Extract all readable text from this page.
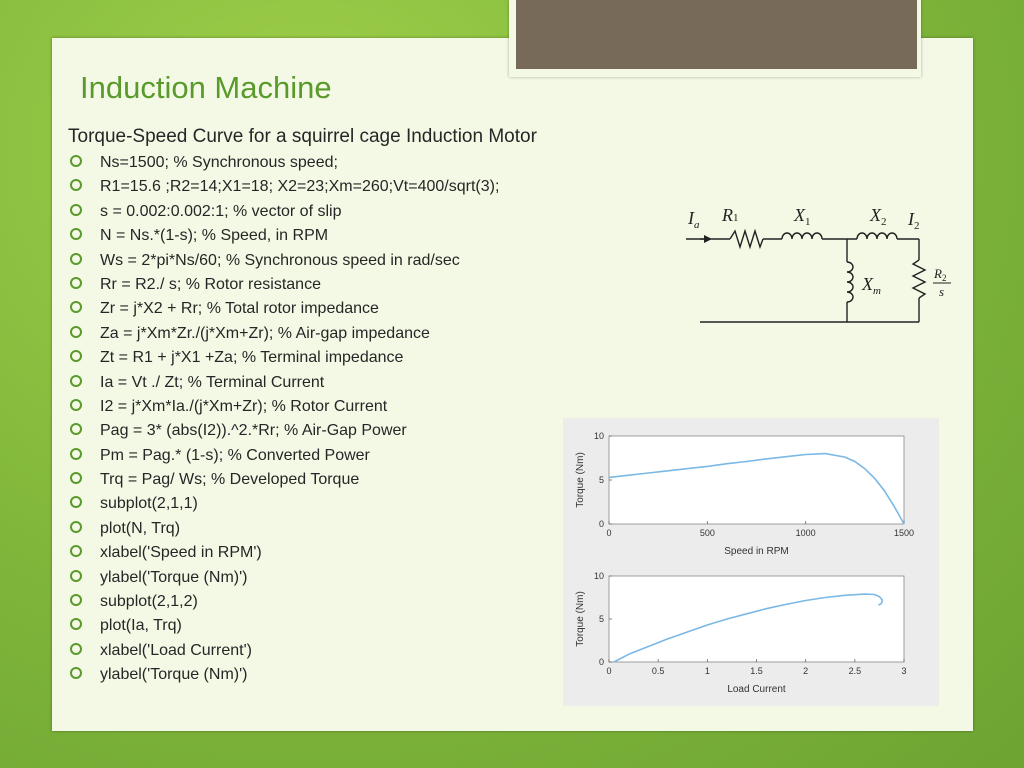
Induction Machine
Torque-Speed Curve for a squirrel cage Induction Motor
Ns=1500; % Synchronous speed;
R1=15.6 ;R2=14;X1=18; X2=23;Xm=260;Vt=400/sqrt(3);
s = 0.002:0.002:1; % vector of slip
N = Ns.*(1-s); % Speed, in RPM
Ws = 2*pi*Ns/60; % Synchronous speed in rad/sec
Rr = R2./ s; % Rotor resistance
Zr = j*X2 + Rr; % Total rotor impedance
Za = j*Xm*Zr./(j*Xm+Zr); % Air-gap impedance
Zt = R1 + j*X1 +Za; % Terminal impedance
Ia = Vt ./ Zt; % Terminal Current
I2 = j*Xm*Ia./(j*Xm+Zr); % Rotor Current
Pag = 3* (abs(I2)).^2.*Rr; % Air-Gap Power
Pm = Pag.* (1-s); % Converted Power
Trq = Pag/ Ws; % Developed Torque
subplot(2,1,1)
plot(N, Trq)
xlabel('Speed in RPM')
ylabel('Torque (Nm)')
subplot(2,1,2)
plot(Ia, Trq)
xlabel('Load Current')
ylabel('Torque (Nm)')
$I_a$ R1	$X_1$	$X_2$ $I_2$
$X_m$
$R_2$
s
0	500	1000	1500
0
5
10
Speed in RPM
Torque (Nm)
0	0.5	1	1.5	2	2.5	3
0
5
10
Load Current
Torque (Nm)
